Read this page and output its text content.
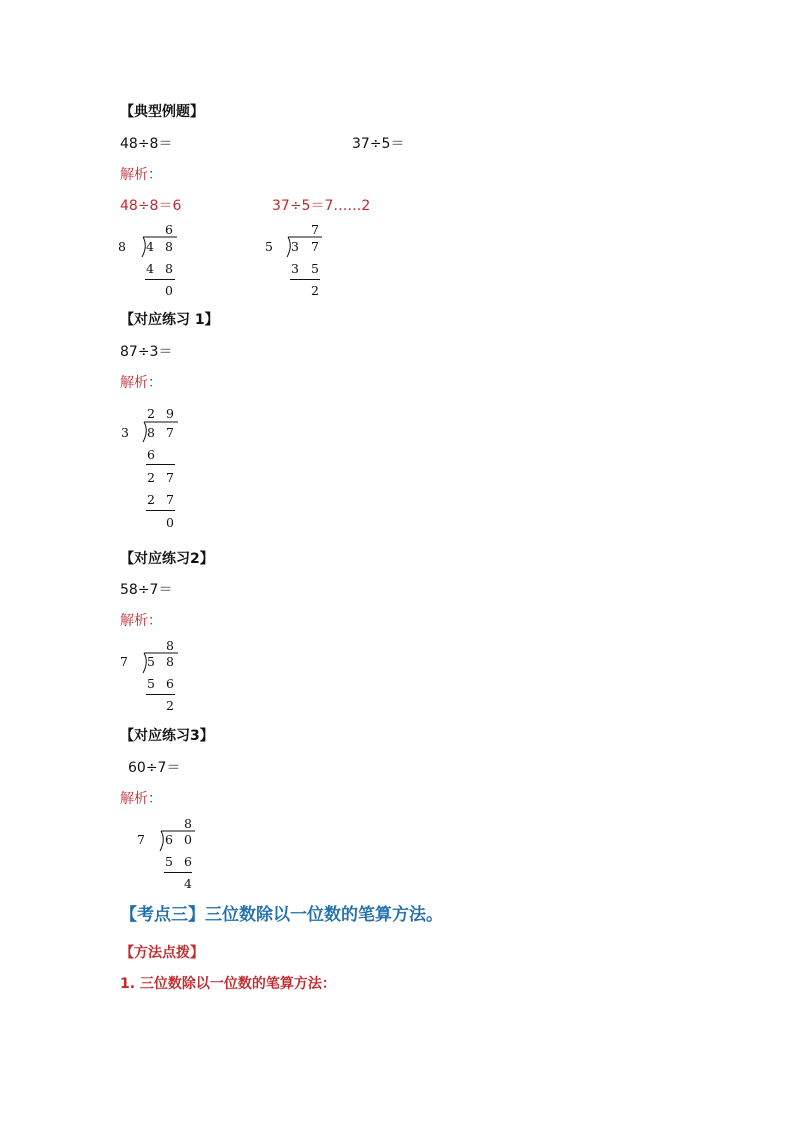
【典型例题】
48÷8＝	37÷5＝
解析：
48÷8＝6	37÷5＝7……2
6
8 4 8
4 8
0
7
5 3 7
3 5
2
【对应练习 1】
87÷3＝
解析：
2 9
3 8 7
6
2 7
2 7
0
【对应练习2】
58÷7＝
解析：
8
7 5 8
5 6
2
【对应练习3】
60÷7＝
解析：
8
7 6 0
5 6
4
【考点三】三位数除以一位数的笔算方法。
【方法点拨】
1. 三位数除以一位数的笔算方法：
